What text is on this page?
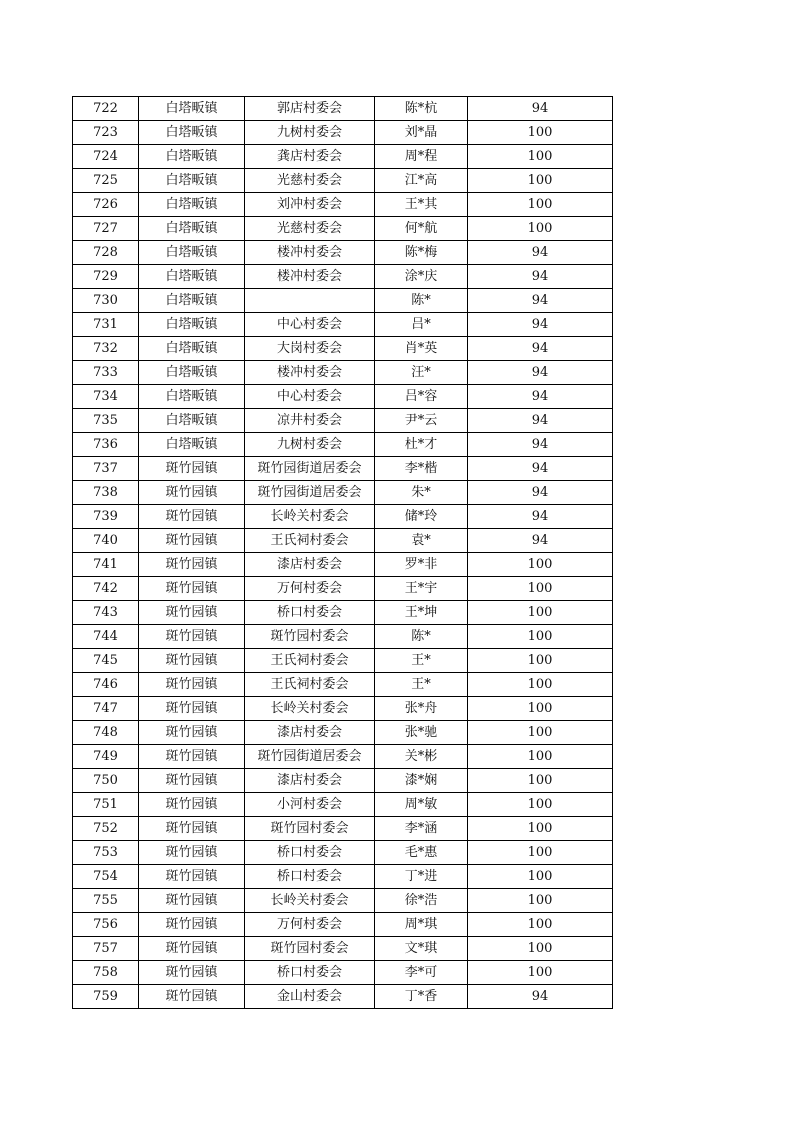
722	白塔畈镇	郭店村委会	陈*杭	94
723	白塔畈镇	九树村委会	刘*晶	100
724	白塔畈镇	龚店村委会	周*程	100
725	白塔畈镇	光慈村委会	江*高	100
726	白塔畈镇	刘冲村委会	王*其	100
727	白塔畈镇	光慈村委会	何*航	100
728	白塔畈镇	楼冲村委会	陈*梅	94
729	白塔畈镇	楼冲村委会	涂*庆	94
730	白塔畈镇		陈*	94
731	白塔畈镇	中心村委会	吕*	94
732	白塔畈镇	大岗村委会	肖*英	94
733	白塔畈镇	楼冲村委会	汪*	94
734	白塔畈镇	中心村委会	吕*容	94
735	白塔畈镇	凉井村委会	尹*云	94
736	白塔畈镇	九树村委会	杜*才	94
737	斑竹园镇	斑竹园街道居委会	李*楷	94
738	斑竹园镇	斑竹园街道居委会	朱*	94
739	斑竹园镇	长岭关村委会	储*玲	94
740	斑竹园镇	王氏祠村委会	袁*	94
741	斑竹园镇	漆店村委会	罗*非	100
742	斑竹园镇	万何村委会	王*宇	100
743	斑竹园镇	桥口村委会	王*坤	100
744	斑竹园镇	斑竹园村委会	陈*	100
745	斑竹园镇	王氏祠村委会	王*	100
746	斑竹园镇	王氏祠村委会	王*	100
747	斑竹园镇	长岭关村委会	张*舟	100
748	斑竹园镇	漆店村委会	张*驰	100
749	斑竹园镇	斑竹园街道居委会	关*彬	100
750	斑竹园镇	漆店村委会	漆*娴	100
751	斑竹园镇	小河村委会	周*敏	100
752	斑竹园镇	斑竹园村委会	李*涵	100
753	斑竹园镇	桥口村委会	毛*惠	100
754	斑竹园镇	桥口村委会	丁*进	100
755	斑竹园镇	长岭关村委会	徐*浩	100
756	斑竹园镇	万何村委会	周*琪	100
757	斑竹园镇	斑竹园村委会	文*琪	100
758	斑竹园镇	桥口村委会	李*可	100
759	斑竹园镇	金山村委会	丁*香	94
